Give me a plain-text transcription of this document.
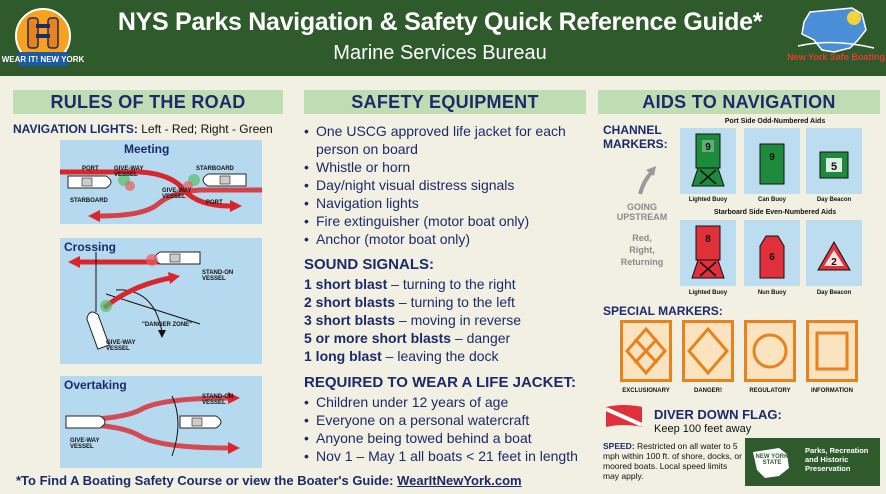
WEAR IT! NEW YORK
NYS Parks Navigation & Safety Quick Reference Guide*
Marine Services Bureau	New York Safe Boating
RULES OF THE ROAD	SAFETY EQUIPMENT	AIDS TO NAVIGATION
NAVIGATION LIGHTS: Left - Red; Right - Green
Meeting
PORT	GIVE-WAY VESSEL
STARBOARD
STARBOARD
GIVE-WAY VESSEL
PORT
Crossing
STAND-ON VESSEL
"DANGER ZONE"
GIVE-WAY VESSEL
Overtaking
STAND-ON VESSEL
GIVE-WAY VESSEL
• One USCG approved life jacket for each person on board
• Whistle or horn
• Day/night visual distress signals
• Navigation lights
• Fire extinguisher (motor boat only)
• Anchor (motor boat only)
SOUND SIGNALS:
1 short blast – turning to the right
2 short blasts – turning to the left
3 short blasts – moving in reverse
5 or more short blasts – danger
1 long blast – leaving the dock
REQUIRED TO WEAR A LIFE JACKET:
• Children under 12 years of age
• Everyone on a personal watercraft
• Anyone being towed behind a boat
• Nov 1 – May 1 all boats < 21 feet in length
CHANNEL
MARKERS:
Port Side Odd-Numbered Aids
Starboard Side Even-Numbered Aids
GOING
UPSTREAM
Red,
Right,
Returning
9
9
5
Lighted Buoy	Can Buoy	Day Beacon
8
6	2
Lighted Buoy	Nun Buoy	Day Beacon
SPECIAL MARKERS:
EXCLUSIONARY	DANGER!	REGULATORY	INFORMATION
DIVER DOWN FLAG:
Keep 100 feet away
SPEED: Restricted on all water to 5 mph within 100 ft. of shore, docks, or moored boats. Local speed limits may apply.
NEW YORK STATE
Parks, Recreation and Historic Preservation
*To Find A Boating Safety Course or view the Boater's Guide: WearItNewYork.com
